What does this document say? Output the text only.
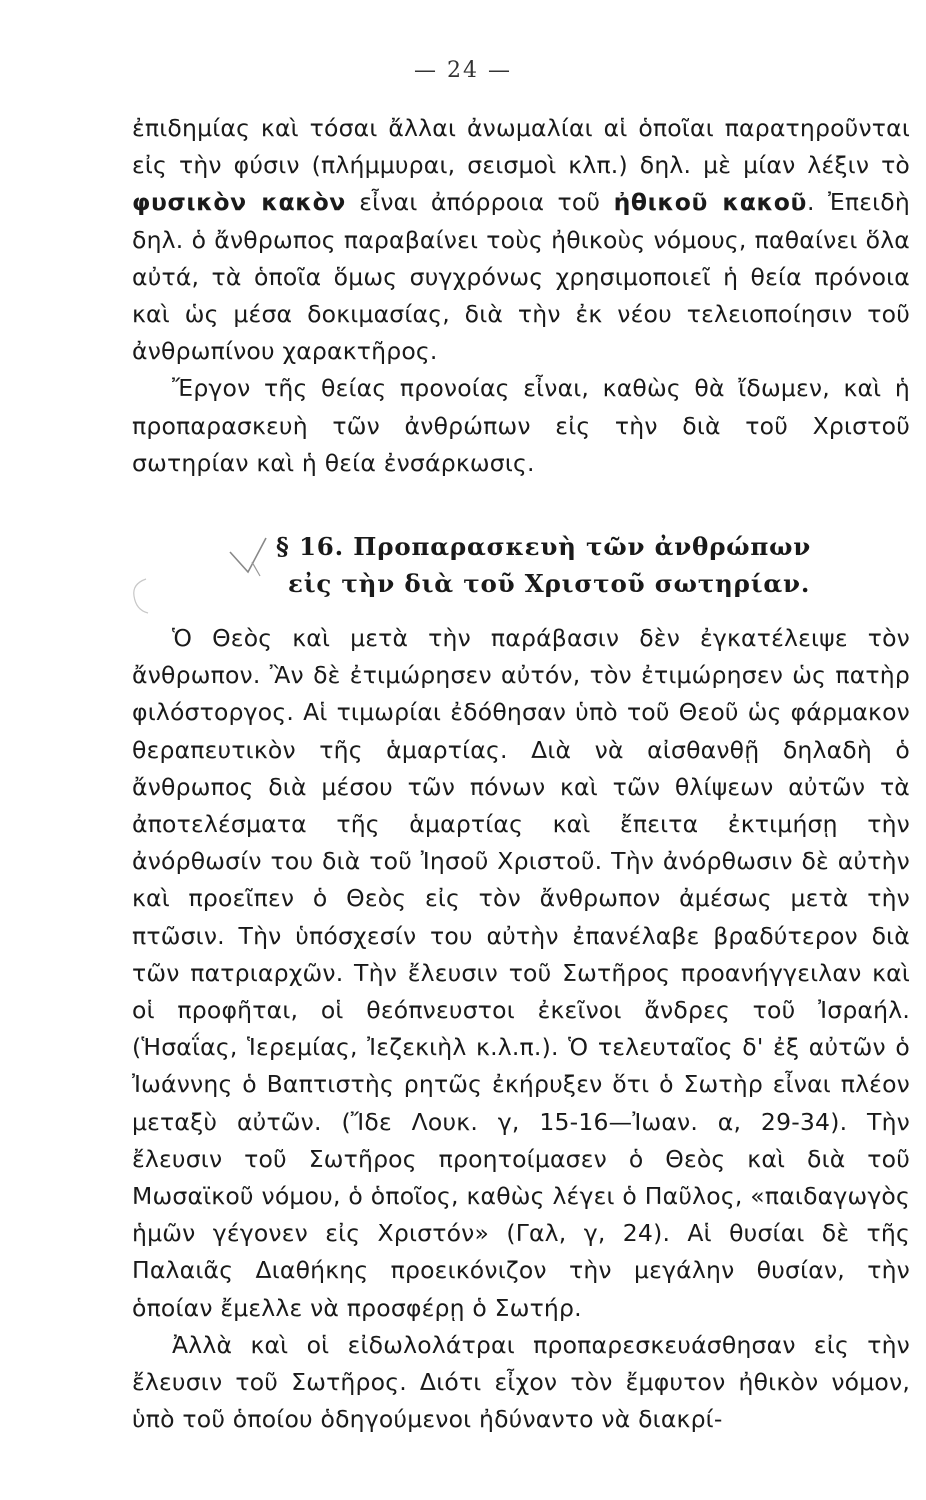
— 24 —

ἐπιδημίας καὶ τόσαι ἄλλαι ἀνωμαλίαι αἱ ὁποῖαι παρατηροῦνται εἰς τὴν φύσιν (πλήμμυραι, σεισμοὶ κλπ.) δηλ. μὲ μίαν λέξιν τὸ φυσικὸν κακὸν εἶναι ἀπόρροια τοῦ ἠθικοῦ κακοῦ. Ἐπειδὴ δηλ. ὁ ἄνθρωπος παραβαίνει τοὺς ἠθικοὺς νόμους, παθαίνει ὅλα αὐτά, τὰ ὁποῖα ὅμως συγχρόνως χρησιμοποιεῖ ἡ θεία πρόνοια καὶ ὡς μέσα δοκιμασίας, διὰ τὴν ἐκ νέου τελειοποίησιν τοῦ ἀνθρωπίνου χαρακτῆρος.

Ἔργον τῆς θείας προνοίας εἶναι, καθὼς θὰ ἴδωμεν, καὶ ἡ προπαρασκευὴ τῶν ἀνθρώπων εἰς τὴν διὰ τοῦ Χριστοῦ σωτηρίαν καὶ ἡ θεία ἐνσάρκωσις.

§ 16. Προπαρασκευὴ τῶν ἀνθρώπων
εἰς τὴν διὰ τοῦ Χριστοῦ σωτηρίαν.

Ὁ Θεὸς καὶ μετὰ τὴν παράβασιν δὲν ἐγκατέλειψε τὸν ἄνθρωπον. Ἂν δὲ ἐτιμώρησεν αὐτόν, τὸν ἐτιμώρησεν ὡς πατὴρ φιλόστοργος. Αἱ τιμωρίαι ἐδόθησαν ὑπὸ τοῦ Θεοῦ ὡς φάρμακον θεραπευτικὸν τῆς ἁμαρτίας. Διὰ νὰ αἰσθανθῇ δηλαδὴ ὁ ἄνθρωπος διὰ μέσου τῶν πόνων καὶ τῶν θλίψεων αὐτῶν τὰ ἀποτελέσματα τῆς ἁμαρτίας καὶ ἔπειτα ἐκτιμήσῃ τὴν ἀνόρθωσίν του διὰ τοῦ Ἰησοῦ Χριστοῦ. Τὴν ἀνόρθωσιν δὲ αὐτὴν καὶ προεῖπεν ὁ Θεὸς εἰς τὸν ἄνθρωπον ἀμέσως μετὰ τὴν πτῶσιν. Τὴν ὑπόσχεσίν του αὐτὴν ἐπανέλαβε βραδύτερον διὰ τῶν πατριαρχῶν. Τὴν ἔλευσιν τοῦ Σωτῆρος προανήγγειλαν καὶ οἱ προφῆται, οἱ θεόπνευστοι ἐκεῖνοι ἄνδρες τοῦ Ἰσραήλ. (Ἡσαΐας, Ἱερεμίας, Ἰεζεκιὴλ κ.λ.π.). Ὁ τελευταῖος δ' ἐξ αὐτῶν ὁ Ἰωάννης ὁ Βαπτιστὴς ρητῶς ἐκήρυξεν ὅτι ὁ Σωτὴρ εἶναι πλέον μεταξὺ αὐτῶν. (Ἴδε Λουκ. γ, 15-16—Ἰωαν. α, 29-34). Τὴν ἔλευσιν τοῦ Σωτῆρος προητοίμασεν ὁ Θεὸς καὶ διὰ τοῦ Μωσαϊκοῦ νόμου, ὁ ὁποῖος, καθὼς λέγει ὁ Παῦλος, «παιδαγωγὸς ἡμῶν γέγονεν εἰς Χριστόν» (Γαλ, γ, 24). Αἱ θυσίαι δὲ τῆς Παλαιᾶς Διαθήκης προεικόνιζον τὴν μεγάλην θυσίαν, τὴν ὁποίαν ἔμελλε νὰ προσφέρῃ ὁ Σωτήρ.

Ἀλλὰ καὶ οἱ εἰδωλολάτραι προπαρεσκευάσθησαν εἰς τὴν ἔλευσιν τοῦ Σωτῆρος. Διότι εἶχον τὸν ἔμφυτον ἠθικὸν νόμον, ὑπὸ τοῦ ὁποίου ὁδηγούμενοι ἠδύναντο νὰ διακρί-
